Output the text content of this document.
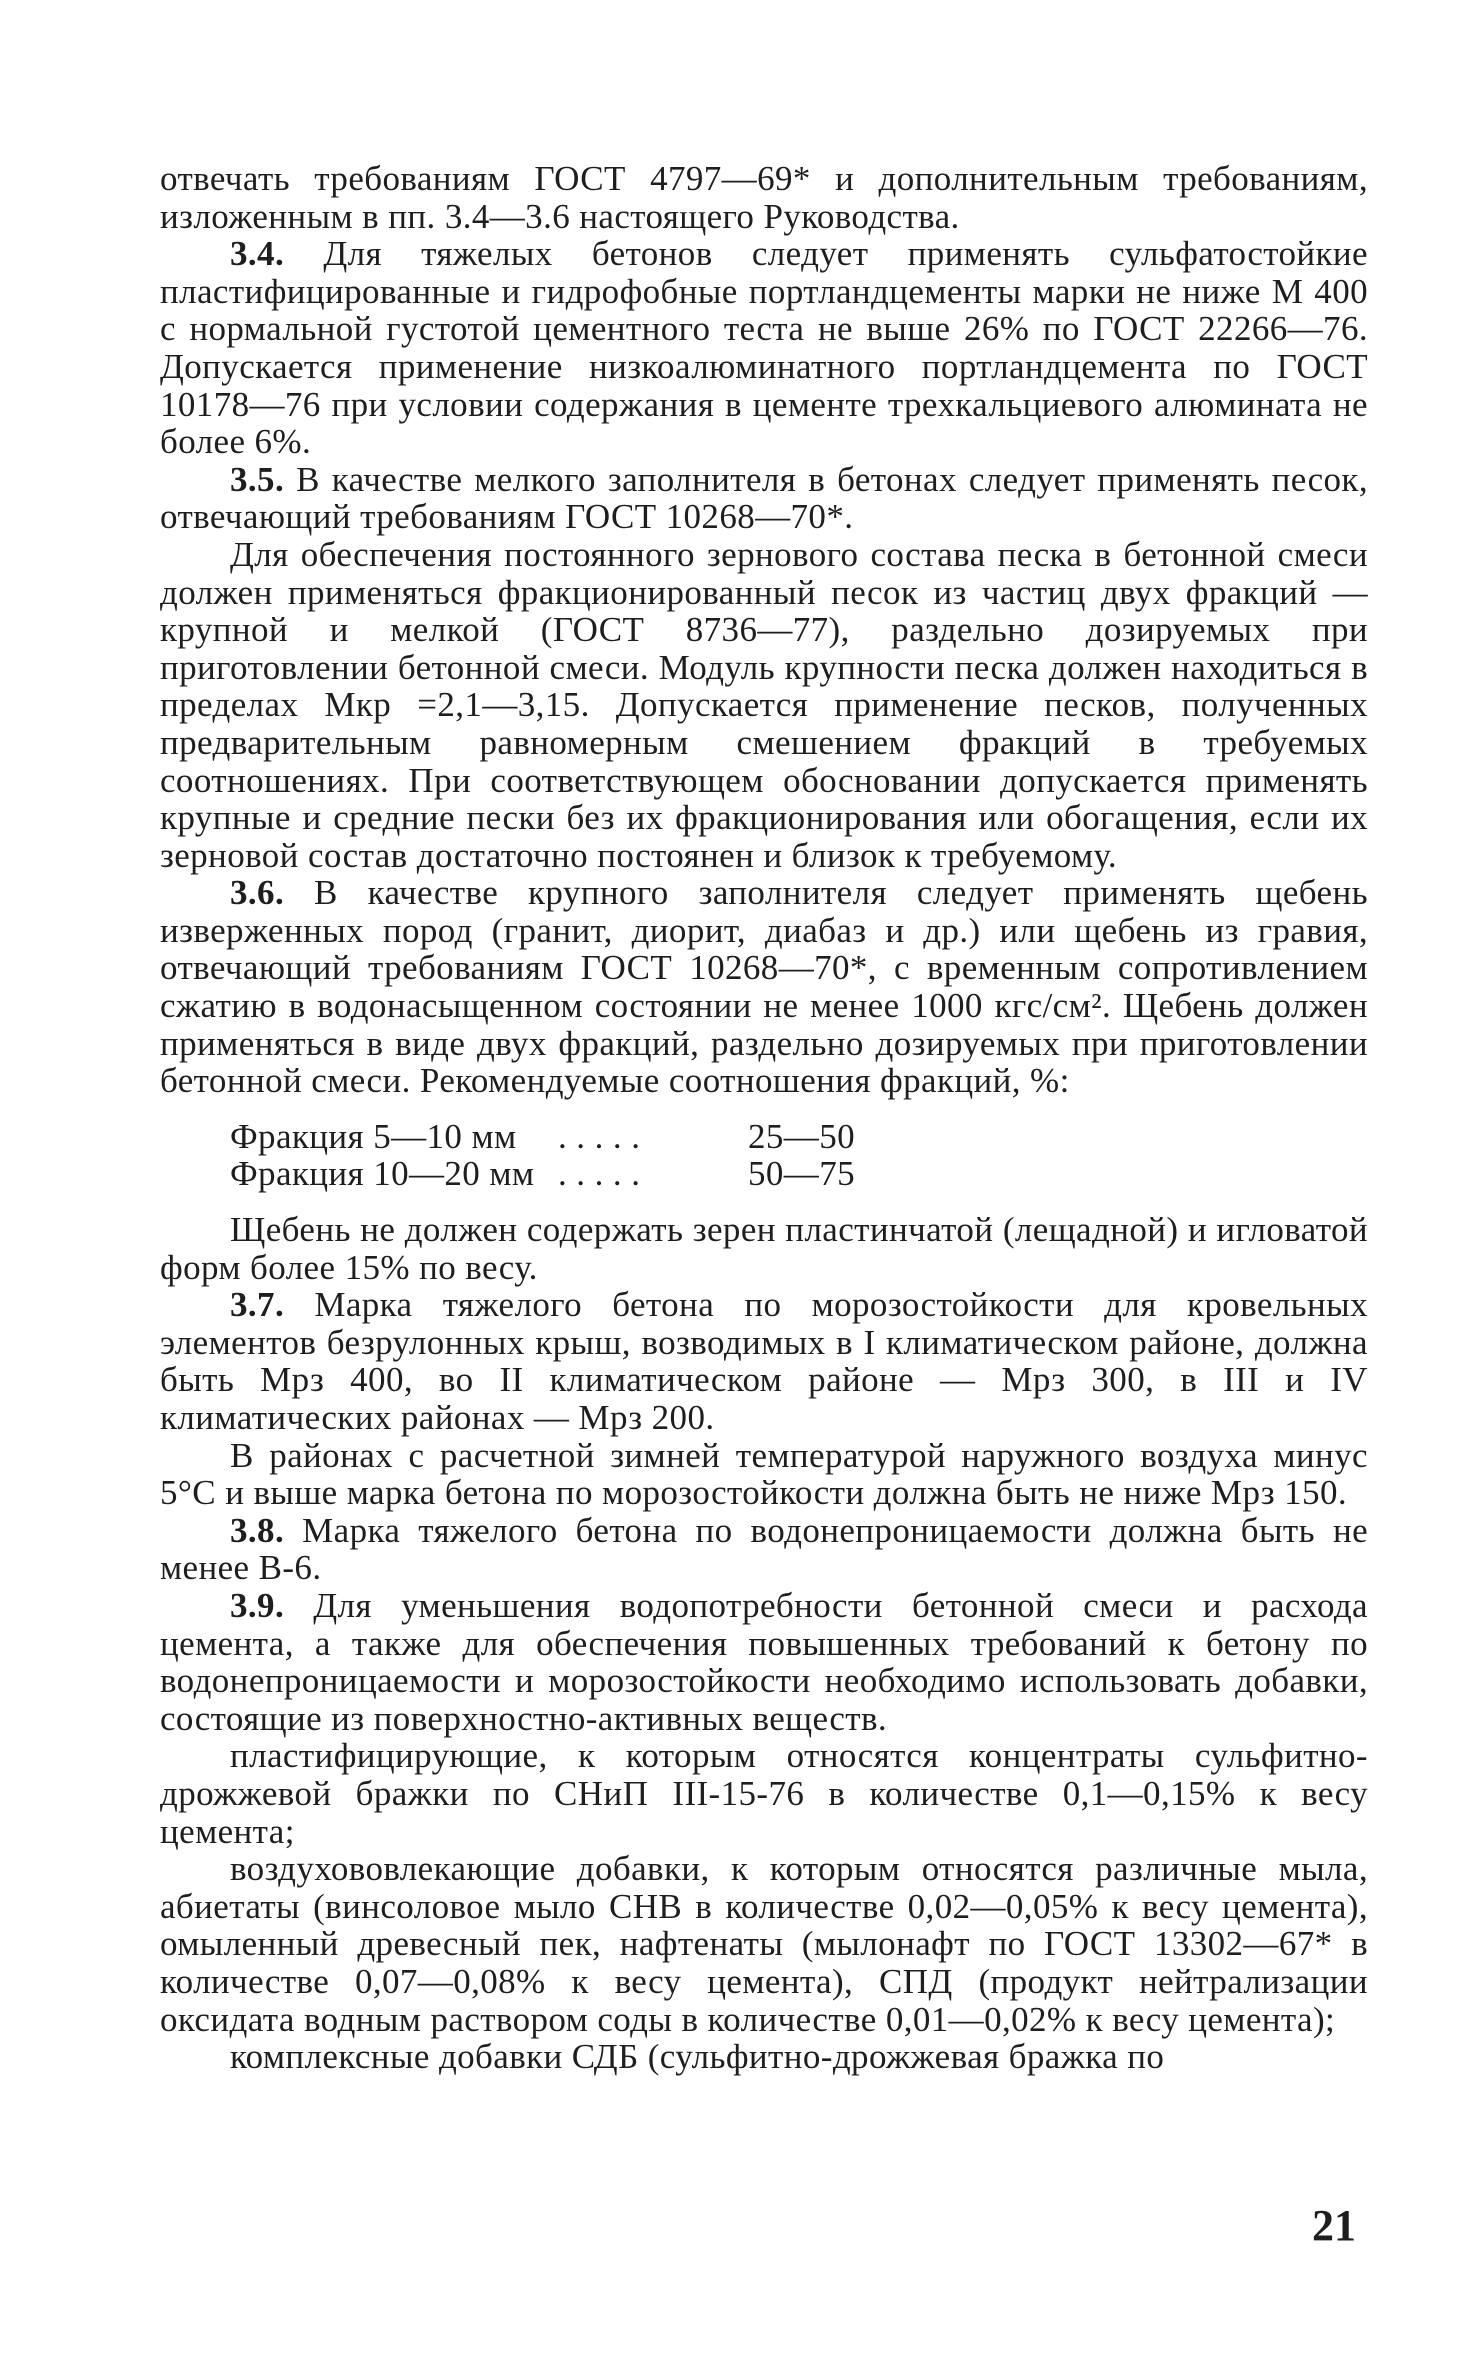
отвечать требованиям ГОСТ 4797—69* и дополнительным требованиям, изложенным в пп. 3.4—3.6 настоящего Руководства.

3.4. Для тяжелых бетонов следует применять сульфатостойкие пластифицированные и гидрофобные портландцементы марки не ниже М 400 с нормальной густотой цементного теста не выше 26% по ГОСТ 22266—76. Допускается применение низкоалюминатного портландцемента по ГОСТ 10178—76 при условии содержания в цементе трехкальциевого алюмината не более 6%.

3.5. В качестве мелкого заполнителя в бетонах следует применять песок, отвечающий требованиям ГОСТ 10268—70*.

Для обеспечения постоянного зернового состава песка в бетонной смеси должен применяться фракционированный песок из частиц двух фракций — крупной и мелкой (ГОСТ 8736—77), раздельно дозируемых при приготовлении бетонной смеси. Модуль крупности песка должен находиться в пределах Мкр =2,1—3,15. Допускается применение песков, полученных предварительным равномерным смешением фракций в требуемых соотношениях. При соответствующем обосновании допускается применять крупные и средние пески без их фракционирования или обогащения, если их зерновой состав достаточно постоянен и близок к требуемому.

3.6. В качестве крупного заполнителя следует применять щебень изверженных пород (гранит, диорит, диабаз и др.) или щебень из гравия, отвечающий требованиям ГОСТ 10268—70*, с временным сопротивлением сжатию в водонасыщенном состоянии не менее 1000 кгс/см². Щебень должен применяться в виде двух фракций, раздельно дозируемых при приготовлении бетонной смеси. Рекомендуемые соотношения фракций, %:

Фракция 5—10 мм	. . . . .	25—50
Фракция 10—20 мм . . . . .	50—75

Щебень не должен содержать зерен пластинчатой (лещадной) и игловатой форм более 15% по весу.

3.7. Марка тяжелого бетона по морозостойкости для кровельных элементов безрулонных крыш, возводимых в I климатическом районе, должна быть Мрз 400, во II климатическом районе — Мрз 300, в III и IV климатических районах — Мрз 200.

В районах с расчетной зимней температурой наружного воздуха минус 5°С и выше марка бетона по морозостойкости должна быть не ниже Мрз 150.

3.8. Марка тяжелого бетона по водонепроницаемости должна быть не менее В-6.

3.9. Для уменьшения водопотребности бетонной смеси и расхода цемента, а также для обеспечения повышенных требований к бетону по водонепроницаемости и морозостойкости необходимо использовать добавки, состоящие из поверхностно-активных веществ.

пластифицирующие, к которым относятся концентраты сульфитно-дрожжевой бражки по СНиП III-15-76 в количестве 0,1—0,15% к весу цемента;

воздухововлекающие добавки, к которым относятся различные мыла, абиетаты (винсоловое мыло СНВ в количестве 0,02—0,05% к весу цемента), омыленный древесный пек, нафтенаты (мылонафт по ГОСТ 13302—67* в количестве 0,07—0,08% к весу цемента), СПД (продукт нейтрализации оксидата водным раствором соды в количестве 0,01—0,02% к весу цемента);

комплексные добавки СДБ (сульфитно-дрожжевая бражка по

21
